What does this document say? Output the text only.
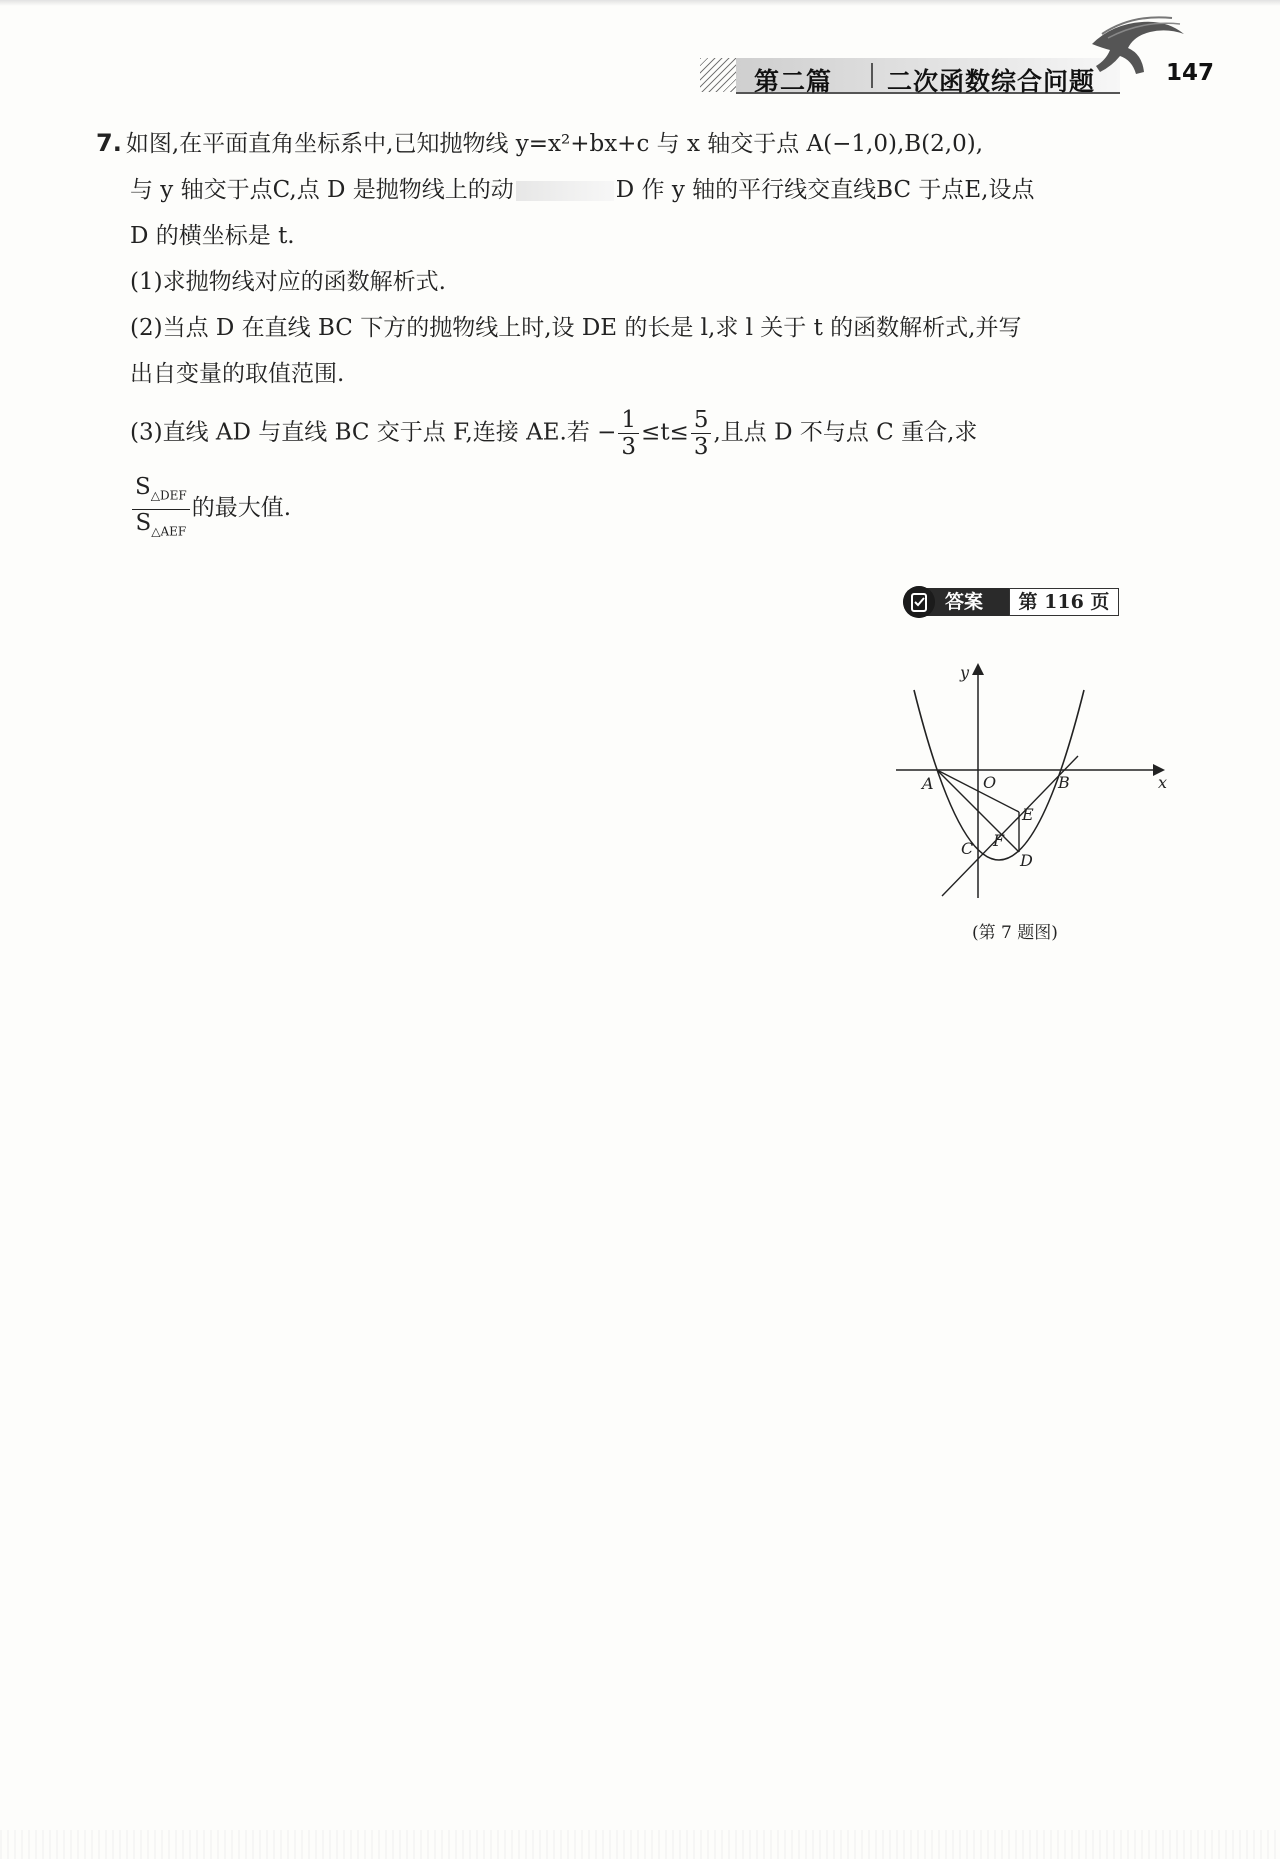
第二篇 二次函数综合问题	147
7. 如图,在平面直角坐标系中,已知抛物线 y=x²+bx+c 与 x 轴交于点 A(−1,0),B(2,0),
与 y 轴交于点C,点 D 是抛物线上的动	D 作 y 轴的平行线交直线BC 于点E,设点
D 的横坐标是 t.
(1)求抛物线对应的函数解析式.
(2)当点 D 在直线 BC 下方的抛物线上时,设 DE 的长是 l,求 l 关于 t 的函数解析式,并写
出自变量的取值范围.
(3)直线 AD 与直线 BC 交于点 F,连接 AE.若 − $\frac{1}{3} \le t\le \frac{5}{3}$ ,且点 D 不与点 C 重合,求
$\frac{S_{\triangle DEF}}{S_{\triangle AEF}}$ 的最大值.
答案	第 116 页
y
x
A	O	B
E
C F
D
(第 7 题图)
